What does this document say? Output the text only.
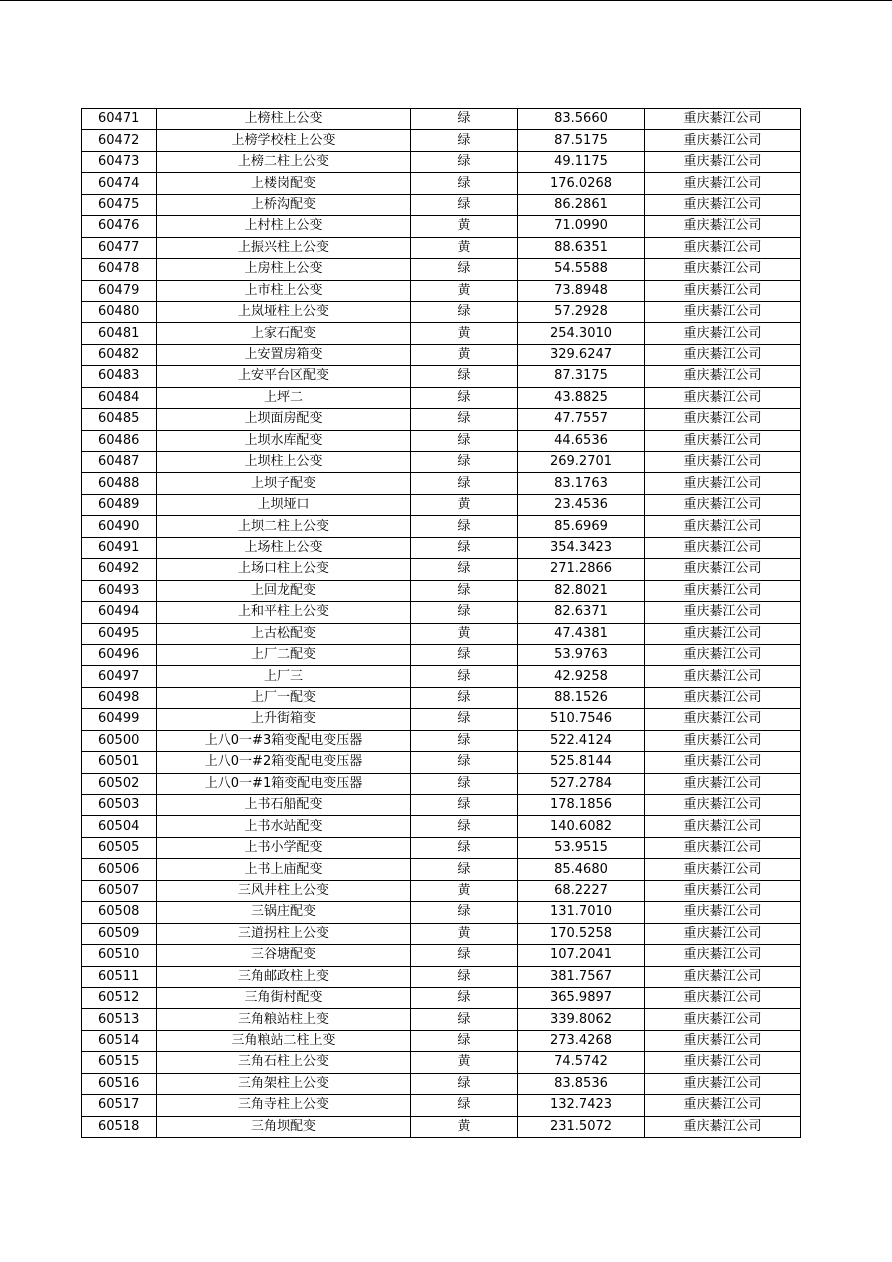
60471	上榜柱上公变	绿	83.5660	重庆綦江公司
60472	上榜学校柱上公变	绿	87.5175	重庆綦江公司
60473	上榜二柱上公变	绿	49.1175	重庆綦江公司
60474	上楼岗配变	绿	176.0268	重庆綦江公司
60475	上桥沟配变	绿	86.2861	重庆綦江公司
60476	上村柱上公变	黄	71.0990	重庆綦江公司
60477	上振兴柱上公变	黄	88.6351	重庆綦江公司
60478	上房柱上公变	绿	54.5588	重庆綦江公司
60479	上市柱上公变	黄	73.8948	重庆綦江公司
60480	上岚垭柱上公变	绿	57.2928	重庆綦江公司
60481	上家石配变	黄	254.3010	重庆綦江公司
60482	上安置房箱变	黄	329.6247	重庆綦江公司
60483	上安平台区配变	绿	87.3175	重庆綦江公司
60484	上坪二	绿	43.8825	重庆綦江公司
60485	上坝面房配变	绿	47.7557	重庆綦江公司
60486	上坝水库配变	绿	44.6536	重庆綦江公司
60487	上坝柱上公变	绿	269.2701	重庆綦江公司
60488	上坝子配变	绿	83.1763	重庆綦江公司
60489	上坝垭口	黄	23.4536	重庆綦江公司
60490	上坝二柱上公变	绿	85.6969	重庆綦江公司
60491	上场柱上公变	绿	354.3423	重庆綦江公司
60492	上场口柱上公变	绿	271.2866	重庆綦江公司
60493	上回龙配变	绿	82.8021	重庆綦江公司
60494	上和平柱上公变	绿	82.6371	重庆綦江公司
60495	上古松配变	黄	47.4381	重庆綦江公司
60496	上厂二配变	绿	53.9763	重庆綦江公司
60497	上厂三	绿	42.9258	重庆綦江公司
60498	上厂一配变	绿	88.1526	重庆綦江公司
60499	上升街箱变	绿	510.7546	重庆綦江公司
60500	上八0一#3箱变配电变压器	绿	522.4124	重庆綦江公司
60501	上八0一#2箱变配电变压器	绿	525.8144	重庆綦江公司
60502	上八0一#1箱变配电变压器	绿	527.2784	重庆綦江公司
60503	上书石船配变	绿	178.1856	重庆綦江公司
60504	上书水站配变	绿	140.6082	重庆綦江公司
60505	上书小学配变	绿	53.9515	重庆綦江公司
60506	上书上庙配变	绿	85.4680	重庆綦江公司
60507	三风井柱上公变	黄	68.2227	重庆綦江公司
60508	三锅庄配变	绿	131.7010	重庆綦江公司
60509	三道拐柱上公变	黄	170.5258	重庆綦江公司
60510	三谷塘配变	绿	107.2041	重庆綦江公司
60511	三角邮政柱上变	绿	381.7567	重庆綦江公司
60512	三角街村配变	绿	365.9897	重庆綦江公司
60513	三角粮站柱上变	绿	339.8062	重庆綦江公司
60514	三角粮站二柱上变	绿	273.4268	重庆綦江公司
60515	三角石柱上公变	黄	74.5742	重庆綦江公司
60516	三角架柱上公变	绿	83.8536	重庆綦江公司
60517	三角寺柱上公变	绿	132.7423	重庆綦江公司
60518	三角坝配变	黄	231.5072	重庆綦江公司
